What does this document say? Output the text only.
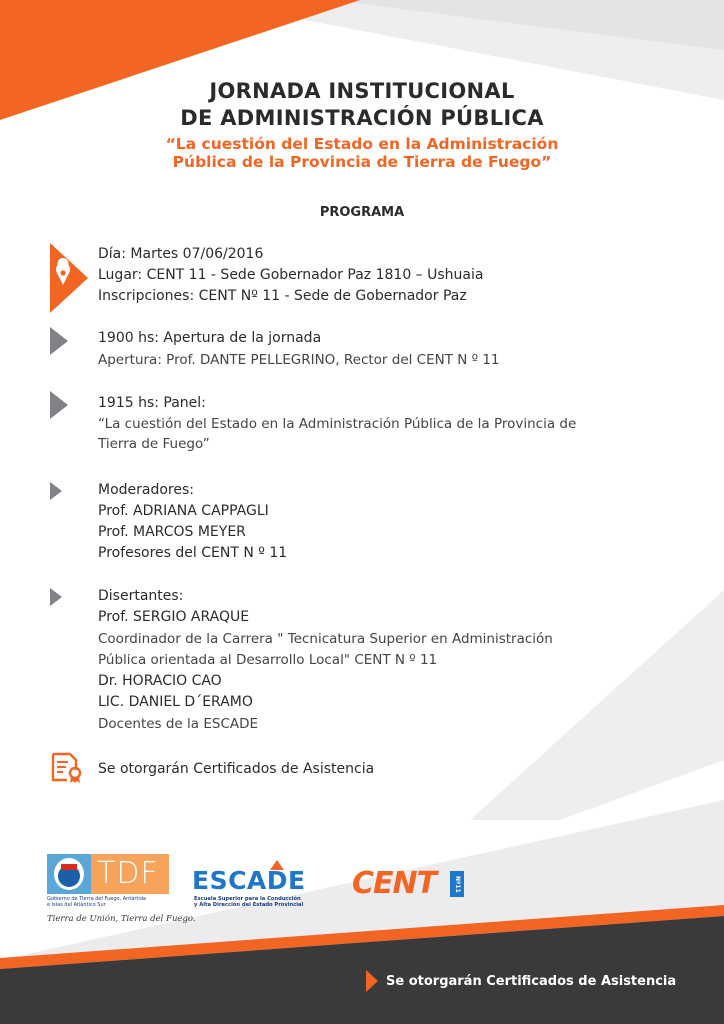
JORNADA INSTITUCIONAL
DE ADMINISTRACIÓN PÚBLICA
“La cuestión del Estado en la Administración
Pública de la Provincia de Tierra de Fuego”
PROGRAMA
Día: Martes 07/06/2016
Lugar: CENT 11 - Sede Gobernador Paz 1810 – Ushuaia
Inscripciones: CENT Nº 11 - Sede de Gobernador Paz
1900 hs: Apertura de la jornada
Apertura: Prof. DANTE PELLEGRINO, Rector del CENT N º 11
1915 hs: Panel:
“La cuestión del Estado en la Administración Pública de la Provincia de
Tierra de Fuego”
Moderadores:
Prof. ADRIANA CAPPAGLI
Prof. MARCOS MEYER
Profesores del CENT N º 11
Disertantes:
Prof. SERGIO ARAQUE
Coordinador de la Carrera " Tecnicatura Superior en Administración
Pública orientada al Desarrollo Local" CENT N º 11
Dr. HORACIO CAO
LIC. DANIEL D´ERAMO
Docentes de la ESCADE
Se otorgarán Certificados de Asistencia
TDF
Gobierno de Tierra del Fuego, Antártida
e Islas del Atlántico Sur
Tierra de Unión, Tierra del Fuego.
ESCADE
Escuela Superior para la Conducción
y Alta Dirección del Estado Provincial
CENT	Nº11
Se otorgarán Certificados de Asistencia
